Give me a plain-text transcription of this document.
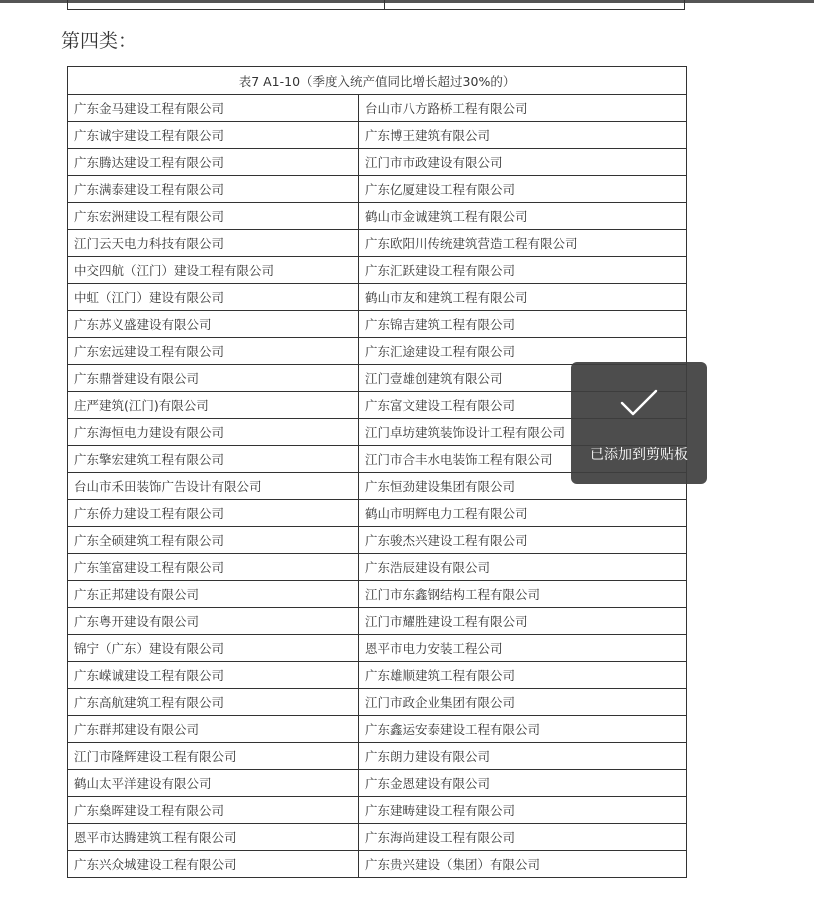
第四类：
表7 A1-10（季度入统产值同比增长超过30%的）	
广东金马建设工程有限公司	台山市八方路桥工程有限公司
广东诚宇建设工程有限公司	广东博王建筑有限公司
广东腾达建设工程有限公司	江门市市政建设有限公司
广东满泰建设工程有限公司	广东亿厦建设工程有限公司
广东宏洲建设工程有限公司	鹤山市金诚建筑工程有限公司
江门云天电力科技有限公司	广东欧阳川传统建筑营造工程有限公司
中交四航（江门）建设工程有限公司	广东汇跃建设工程有限公司
中虹（江门）建设有限公司	鹤山市友和建筑工程有限公司
广东苏义盛建设有限公司	广东锦吉建筑工程有限公司
广东宏远建设工程有限公司	广东汇途建设工程有限公司
广东鼎誉建设有限公司	江门壹雄创建筑有限公司
庄严建筑(江门)有限公司	广东富文建设工程有限公司
广东海恒电力建设有限公司	江门卓坊建筑装饰设计工程有限公司
广东擎宏建筑工程有限公司	江门市合丰水电装饰工程有限公司
台山市禾田装饰广告设计有限公司	广东恒劲建设集团有限公司
广东侨力建设工程有限公司	鹤山市明辉电力工程有限公司
广东全硕建筑工程有限公司	广东骏杰兴建设工程有限公司
广东筀富建设工程有限公司	广东浩辰建设有限公司
广东正邦建设有限公司	江门市东鑫钢结构工程有限公司
广东粤开建设有限公司	江门市耀胜建设工程有限公司
锦宁（广东）建设有限公司	恩平市电力安装工程公司
广东嵘诚建设工程有限公司	广东雄顺建筑工程有限公司
广东高航建筑工程有限公司	江门市政企业集团有限公司
广东群邦建设有限公司	广东鑫运安泰建设工程有限公司
江门市隆辉建设工程有限公司	广东朗力建设有限公司
鹤山太平洋建设有限公司	广东金恩建设有限公司
广东燊晖建设工程有限公司	广东建畴建设工程有限公司
恩平市达腾建筑工程有限公司	广东海尚建设工程有限公司
广东兴众城建设工程有限公司	广东贵兴建设（集团）有限公司
已添加到剪贴板
